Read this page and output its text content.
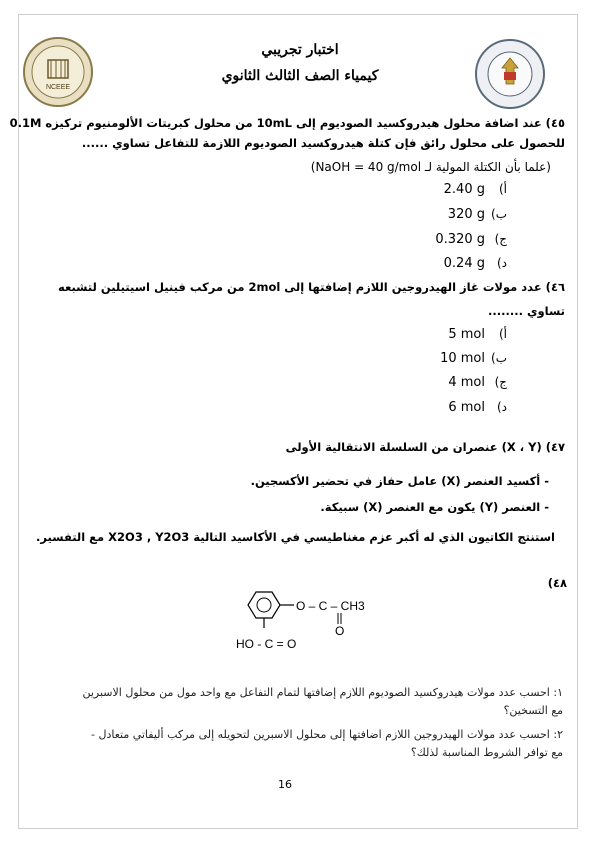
NCEEE
اختبار تجريبي
كيمياء الصف الثالث الثانوي
٤٥) عند اضافة محلول هيدروكسيد الصوديوم إلى 10mL من محلول كبريتات الألومنيوم تركيزه 0.1M
للحصول على محلول رائق فإن كتلة هيدروكسيد الصوديوم اللازمة للتفاعل تساوي ......
(علما بأن الكتلة المولية لـ NaOH = 40 g/mol)
أ)2.40 g
ب)320 g
ج)0.320 g
د)0.24 g
٤٦) عدد مولات غاز الهيدروجين اللازم إضافتها إلى 2mol من مركب فينيل اسيتيلين لتشبعه
تساوي ........
أ)5 mol
ب)10 mol
ج)4 mol
د)6 mol
٤٧) (X ، Y) عنصران من السلسلة الانتقالية الأولى
- أكسيد العنصر (X) عامل حفاز في تحضير الأكسجين.
- العنصر (Y) يكون مع العنصر (X) سبيكة.
استنتج الكاتيون الذي له أكبر عزم مغناطيسي في الأكاسيد التالية X2O3 , Y2O3 مع التفسير.
٤٨)
O – C – CH3
O
HO - C = O
١: احسب عدد مولات هيدروكسيد الصوديوم اللازم إضافتها لتمام التفاعل مع واحد مول من محلول الاسبرين
مع التسخين؟
٢: احسب عدد مولات الهيدروجين اللازم اضافتها إلى محلول الاسبرين لتحويله إلى مركب أليفاتي متعادل -
مع توافر الشروط المناسبة لذلك؟
16
